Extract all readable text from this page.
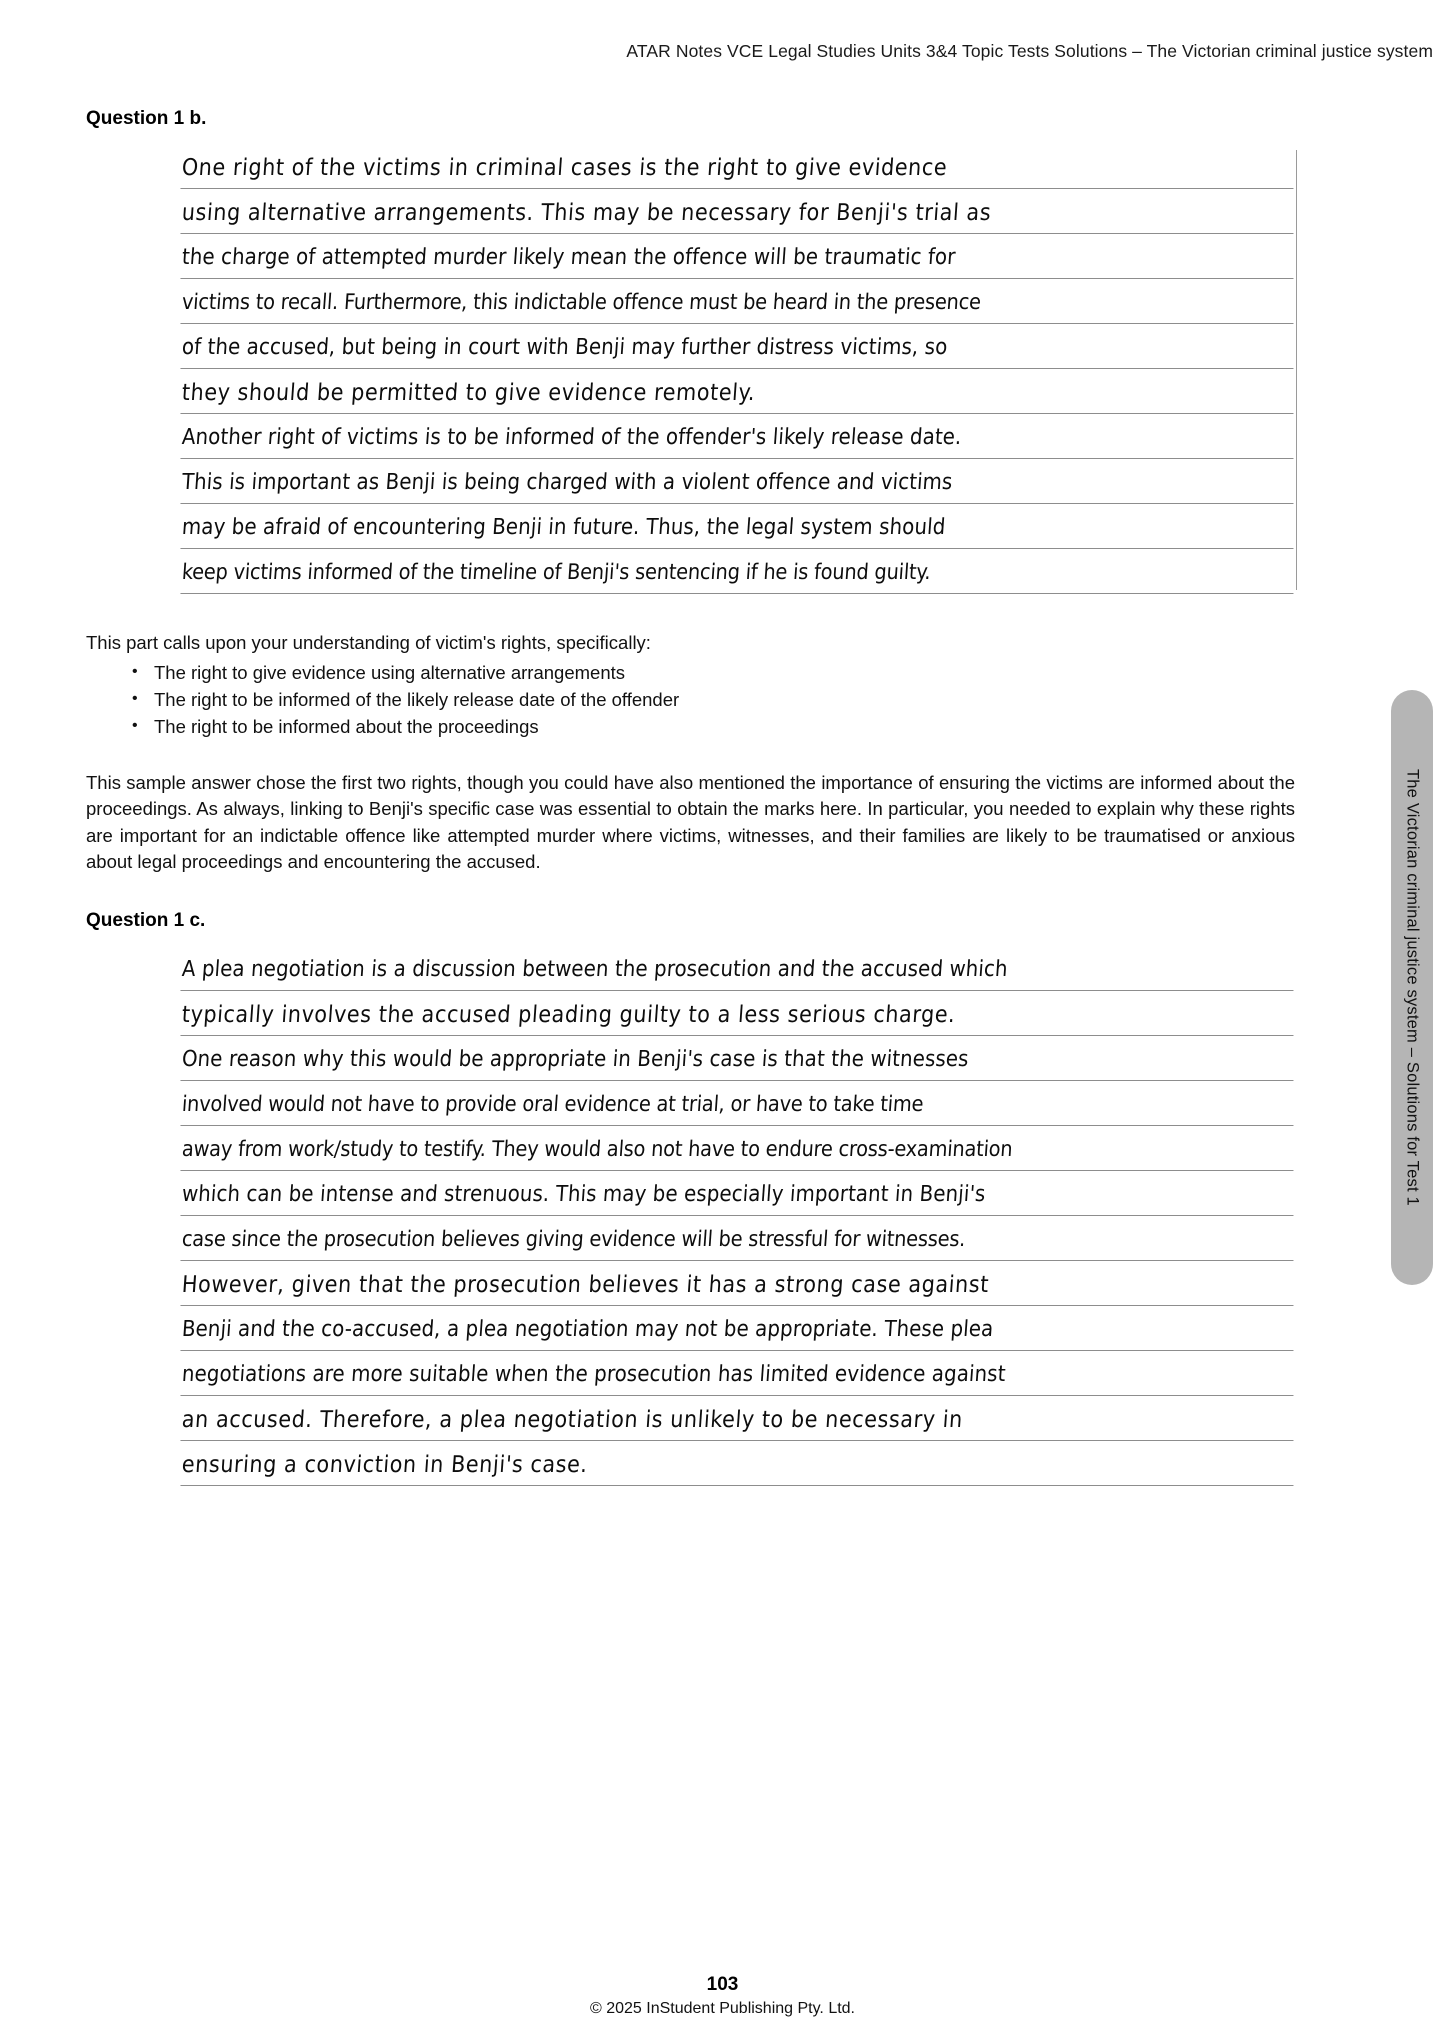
ATAR Notes VCE Legal Studies Units 3&4 Topic Tests Solutions – The Victorian criminal justice system
Question 1 b.
One right of the victims in criminal cases is the right to give evidence
using alternative arrangements. This may be necessary for Benji's trial as
the charge of attempted murder likely mean the offence will be traumatic for
victims to recall. Furthermore, this indictable offence must be heard in the presence
of the accused, but being in court with Benji may further distress victims, so
they should be permitted to give evidence remotely.
Another right of victims is to be informed of the offender's likely release date.
This is important as Benji is being charged with a violent offence and victims
may be afraid of encountering Benji in future. Thus, the legal system should
keep victims informed of the timeline of Benji's sentencing if he is found guilty.

This part calls upon your understanding of victim's rights, specifically:

• The right to give evidence using alternative arrangements
• The right to be informed of the likely release date of the offender
• The right to be informed about the proceedings

This sample answer chose the first two rights, though you could have also mentioned the importance of ensuring the victims are informed about the proceedings. As always, linking to Benji's specific case was essential to obtain the marks here. In particular, you needed to explain why these rights are important for an indictable offence like attempted murder where victims, witnesses, and their families are likely to be traumatised or anxious about legal proceedings and encountering the accused.

Question 1 c.
A plea negotiation is a discussion between the prosecution and the accused which
typically involves the accused pleading guilty to a less serious charge.
One reason why this would be appropriate in Benji's case is that the witnesses
involved would not have to provide oral evidence at trial, or have to take time
away from work/study to testify. They would also not have to endure cross-examination
which can be intense and strenuous. This may be especially important in Benji's
case since the prosecution believes giving evidence will be stressful for witnesses.
However, given that the prosecution believes it has a strong case against
Benji and the co-accused, a plea negotiation may not be appropriate. These plea
negotiations are more suitable when the prosecution has limited evidence against
an accused. Therefore, a plea negotiation is unlikely to be necessary in
ensuring a conviction in Benji's case.
The Victorian criminal justice system – Solutions for Test 1
103
© 2025 InStudent Publishing Pty. Ltd.
